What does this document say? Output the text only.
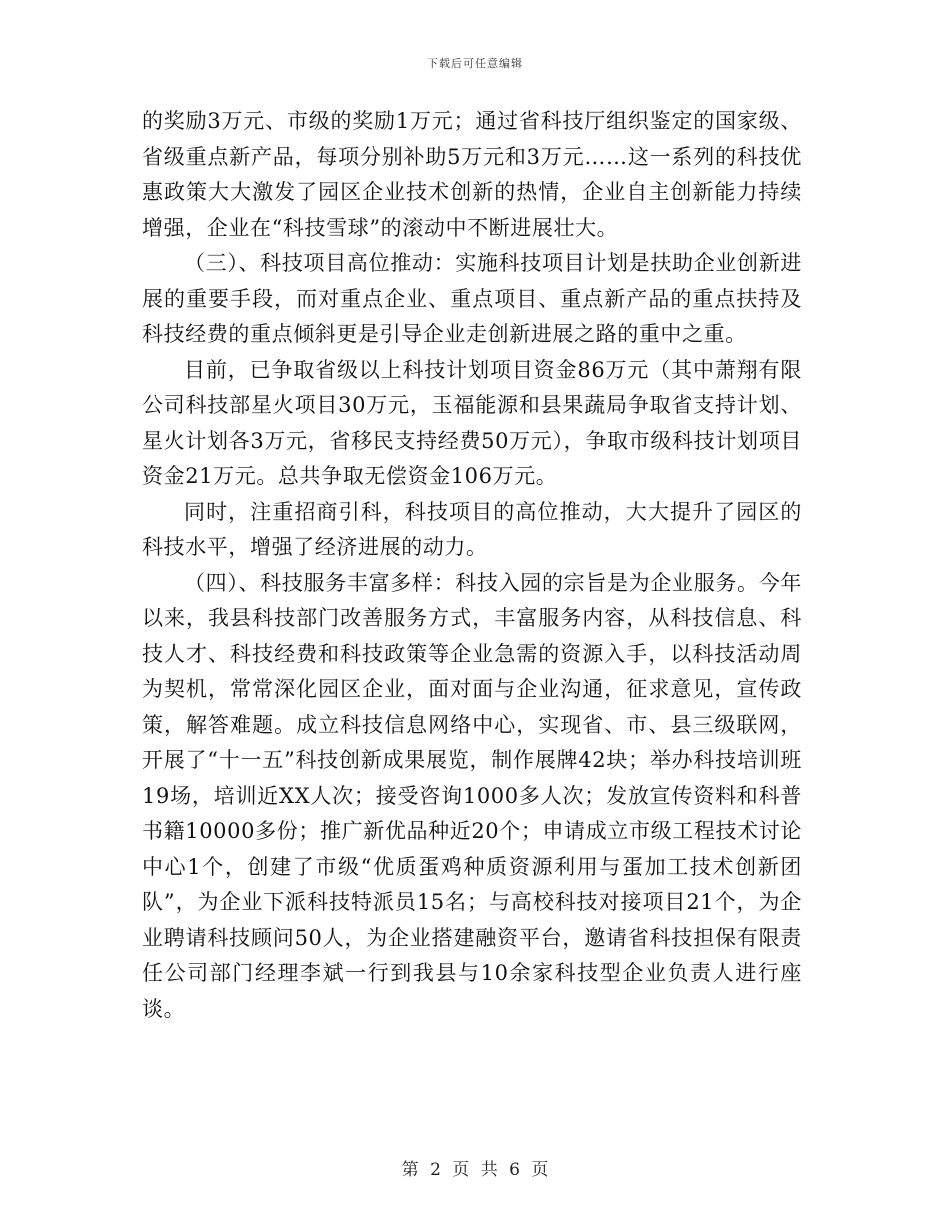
下载后可任意编辑

的奖励3万元、市级的奖励1万元；通过省科技厅组织鉴定的国家级、省级重点新产品，每项分别补助5万元和3万元……这一系列的科技优惠政策大大激发了园区企业技术创新的热情，企业自主创新能力持续增强，企业在“科技雪球”的滚动中不断进展壮大。

（三）、科技项目高位推动：实施科技项目计划是扶助企业创新进展的重要手段，而对重点企业、重点项目、重点新产品的重点扶持及科技经费的重点倾斜更是引导企业走创新进展之路的重中之重。

目前，已争取省级以上科技计划项目资金86万元（其中萧翔有限公司科技部星火项目30万元，玉福能源和县果蔬局争取省支持计划、星火计划各3万元，省移民支持经费50万元），争取市级科技计划项目资金21万元。总共争取无偿资金106万元。

同时，注重招商引科，科技项目的高位推动，大大提升了园区的科技水平，增强了经济进展的动力。

（四）、科技服务丰富多样：科技入园的宗旨是为企业服务。今年以来，我县科技部门改善服务方式，丰富服务内容，从科技信息、科技人才、科技经费和科技政策等企业急需的资源入手，以科技活动周为契机，常常深化园区企业，面对面与企业沟通，征求意见，宣传政策，解答难题。成立科技信息网络中心，实现省、市、县三级联网，开展了“十一五”科技创新成果展览，制作展牌42块；举办科技培训班19场，培训近XX人次；接受咨询1000多人次；发放宣传资料和科普书籍10000多份；推广新优品种近20个；申请成立市级工程技术讨论中心1个，创建了市级“优质蛋鸡种质资源利用与蛋加工技术创新团队”，为企业下派科技特派员15名；与高校科技对接项目21个，为企业聘请科技顾问50人，为企业搭建融资平台，邀请省科技担保有限责任公司部门经理李斌一行到我县与10余家科技型企业负责人进行座谈。

第 2 页 共 6 页
